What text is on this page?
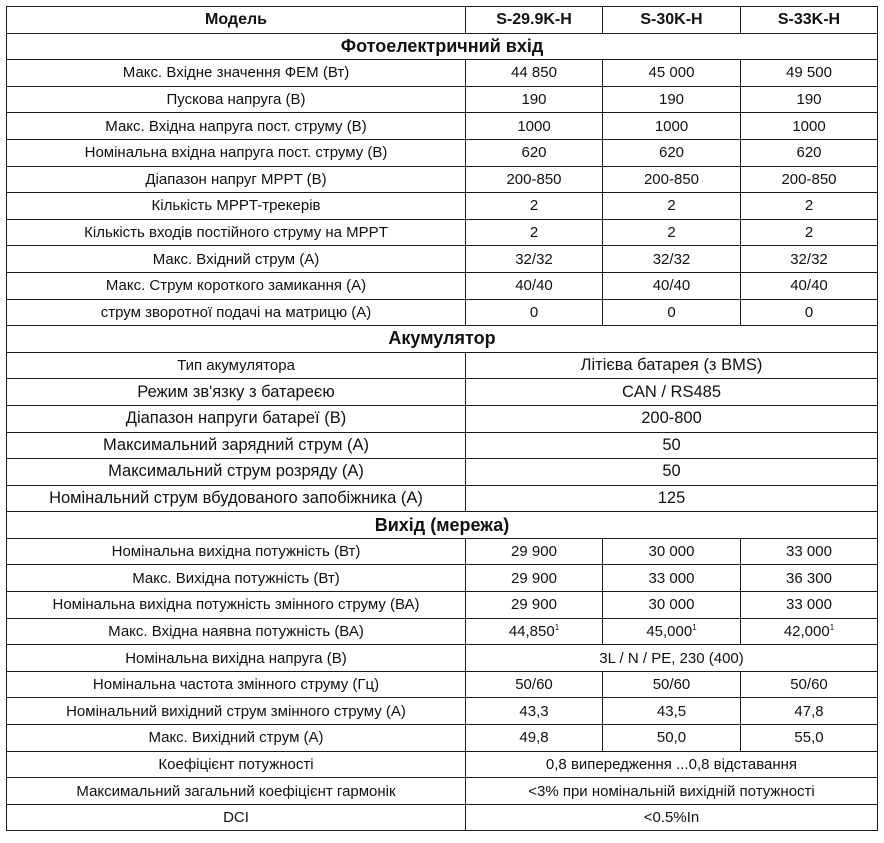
Модель	S-29.9K-H	S-30K-H	S-33K-H
Фотоелектричний вхід			
Макс. Вхідне значення ФЕМ (Вт)	44 850	45 000	49 500
Пускова напруга (В)	190	190	190
Макс. Вхідна напруга пост. струму (В)	1000	1000	1000
Номінальна вхідна напруга пост. струму (В)	620	620	620
Діапазон напруг MPPT (В)	200-850	200-850	200-850
Кількість MPPT-трекерів	2	2	2
Кількість входів постійного струму на MPPT	2	2	2
Макс. Вхідний струм (А)	32/32	32/32	32/32
Макс. Струм короткого замикання (А)	40/40	40/40	40/40
струм зворотної подачі на матрицю (А)	0	0	0
Акумулятор			
Тип акумулятора	Літієва батарея (з BMS)		
Режим зв'язку з батареєю	CAN / RS485		
Діапазон напруги батареї (В)	200-800		
Максимальний зарядний струм (А)	50		
Максимальний струм розряду (А)	50		
Номінальний струм вбудованого запобіжника (А)	125		
Вихід (мережа)			
Номінальна вихідна потужність (Вт)	29 900	30 000	33 000
Макс. Вихідна потужність (Вт)	29 900	33 000	36 300
Номінальна вихідна потужність змінного струму (ВА)	29 900	30 000	33 000
Макс. Вхідна наявна потужність (ВА)	44,850$^1$	45,000$^1$	42,000$^1$
Номінальна вихідна напруга (В)	3L / N / PE, 230 (400)		
Номінальна частота змінного струму (Гц)	50/60	50/60	50/60
Номінальний вихідний струм змінного струму (А)	43,3	43,5	47,8
Макс. Вихідний струм (А)	49,8	50,0	55,0
Коефіцієнт потужності	0,8 випередження ...0,8 відставання		
Максимальний загальний коефіцієнт гармонік	<3% при номінальній вихідній потужності		
DCI	<0.5%In		
